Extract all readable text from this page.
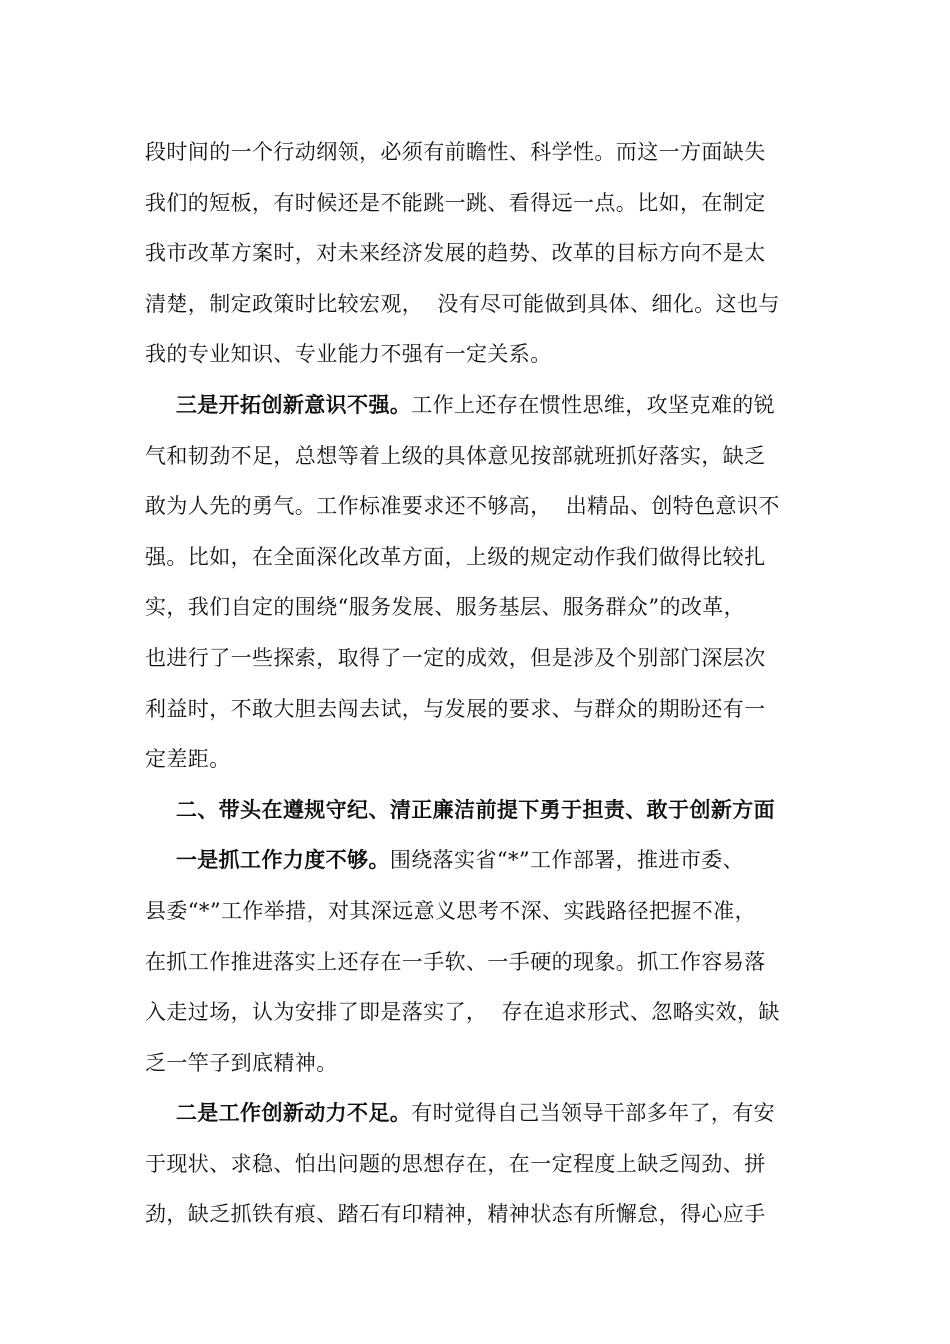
段时间的一个行动纲领，必须有前瞻性、科学性。而这一方面缺失
我们的短板，有时候还是不能跳一跳、看得远一点。比如，在制定
我市改革方案时，对未来经济发展的趋势、改革的目标方向不是太
清楚，制定政策时比较宏观，  没有尽可能做到具体、细化。这也与
我的专业知识、专业能力不强有一定关系。
三是开拓创新意识不强。工作上还存在惯性思维，攻坚克难的锐
气和韧劲不足，总想等着上级的具体意见按部就班抓好落实，缺乏
敢为人先的勇气。工作标准要求还不够高，  出精品、创特色意识不
强。比如，在全面深化改革方面，上级的规定动作我们做得比较扎
实，我们自定的围绕“服务发展、服务基层、服务群众”的改革，
也进行了一些探索，取得了一定的成效，但是涉及个别部门深层次
利益时，不敢大胆去闯去试，与发展的要求、与群众的期盼还有一
定差距。
二、带头在遵规守纪、清正廉洁前提下勇于担责、敢于创新方面
一是抓工作力度不够。围绕落实省“*”工作部署，推进市委、
县委“*”工作举措，对其深远意义思考不深、实践路径把握不准，
在抓工作推进落实上还存在一手软、一手硬的现象。抓工作容易落
入走过场，认为安排了即是落实了，  存在追求形式、忽略实效，缺
乏一竿子到底精神。
二是工作创新动力不足。有时觉得自己当领导干部多年了，有安
于现状、求稳、怕出问题的思想存在，在一定程度上缺乏闯劲、拼
劲，缺乏抓铁有痕、踏石有印精神，精神状态有所懈怠，得心应手
